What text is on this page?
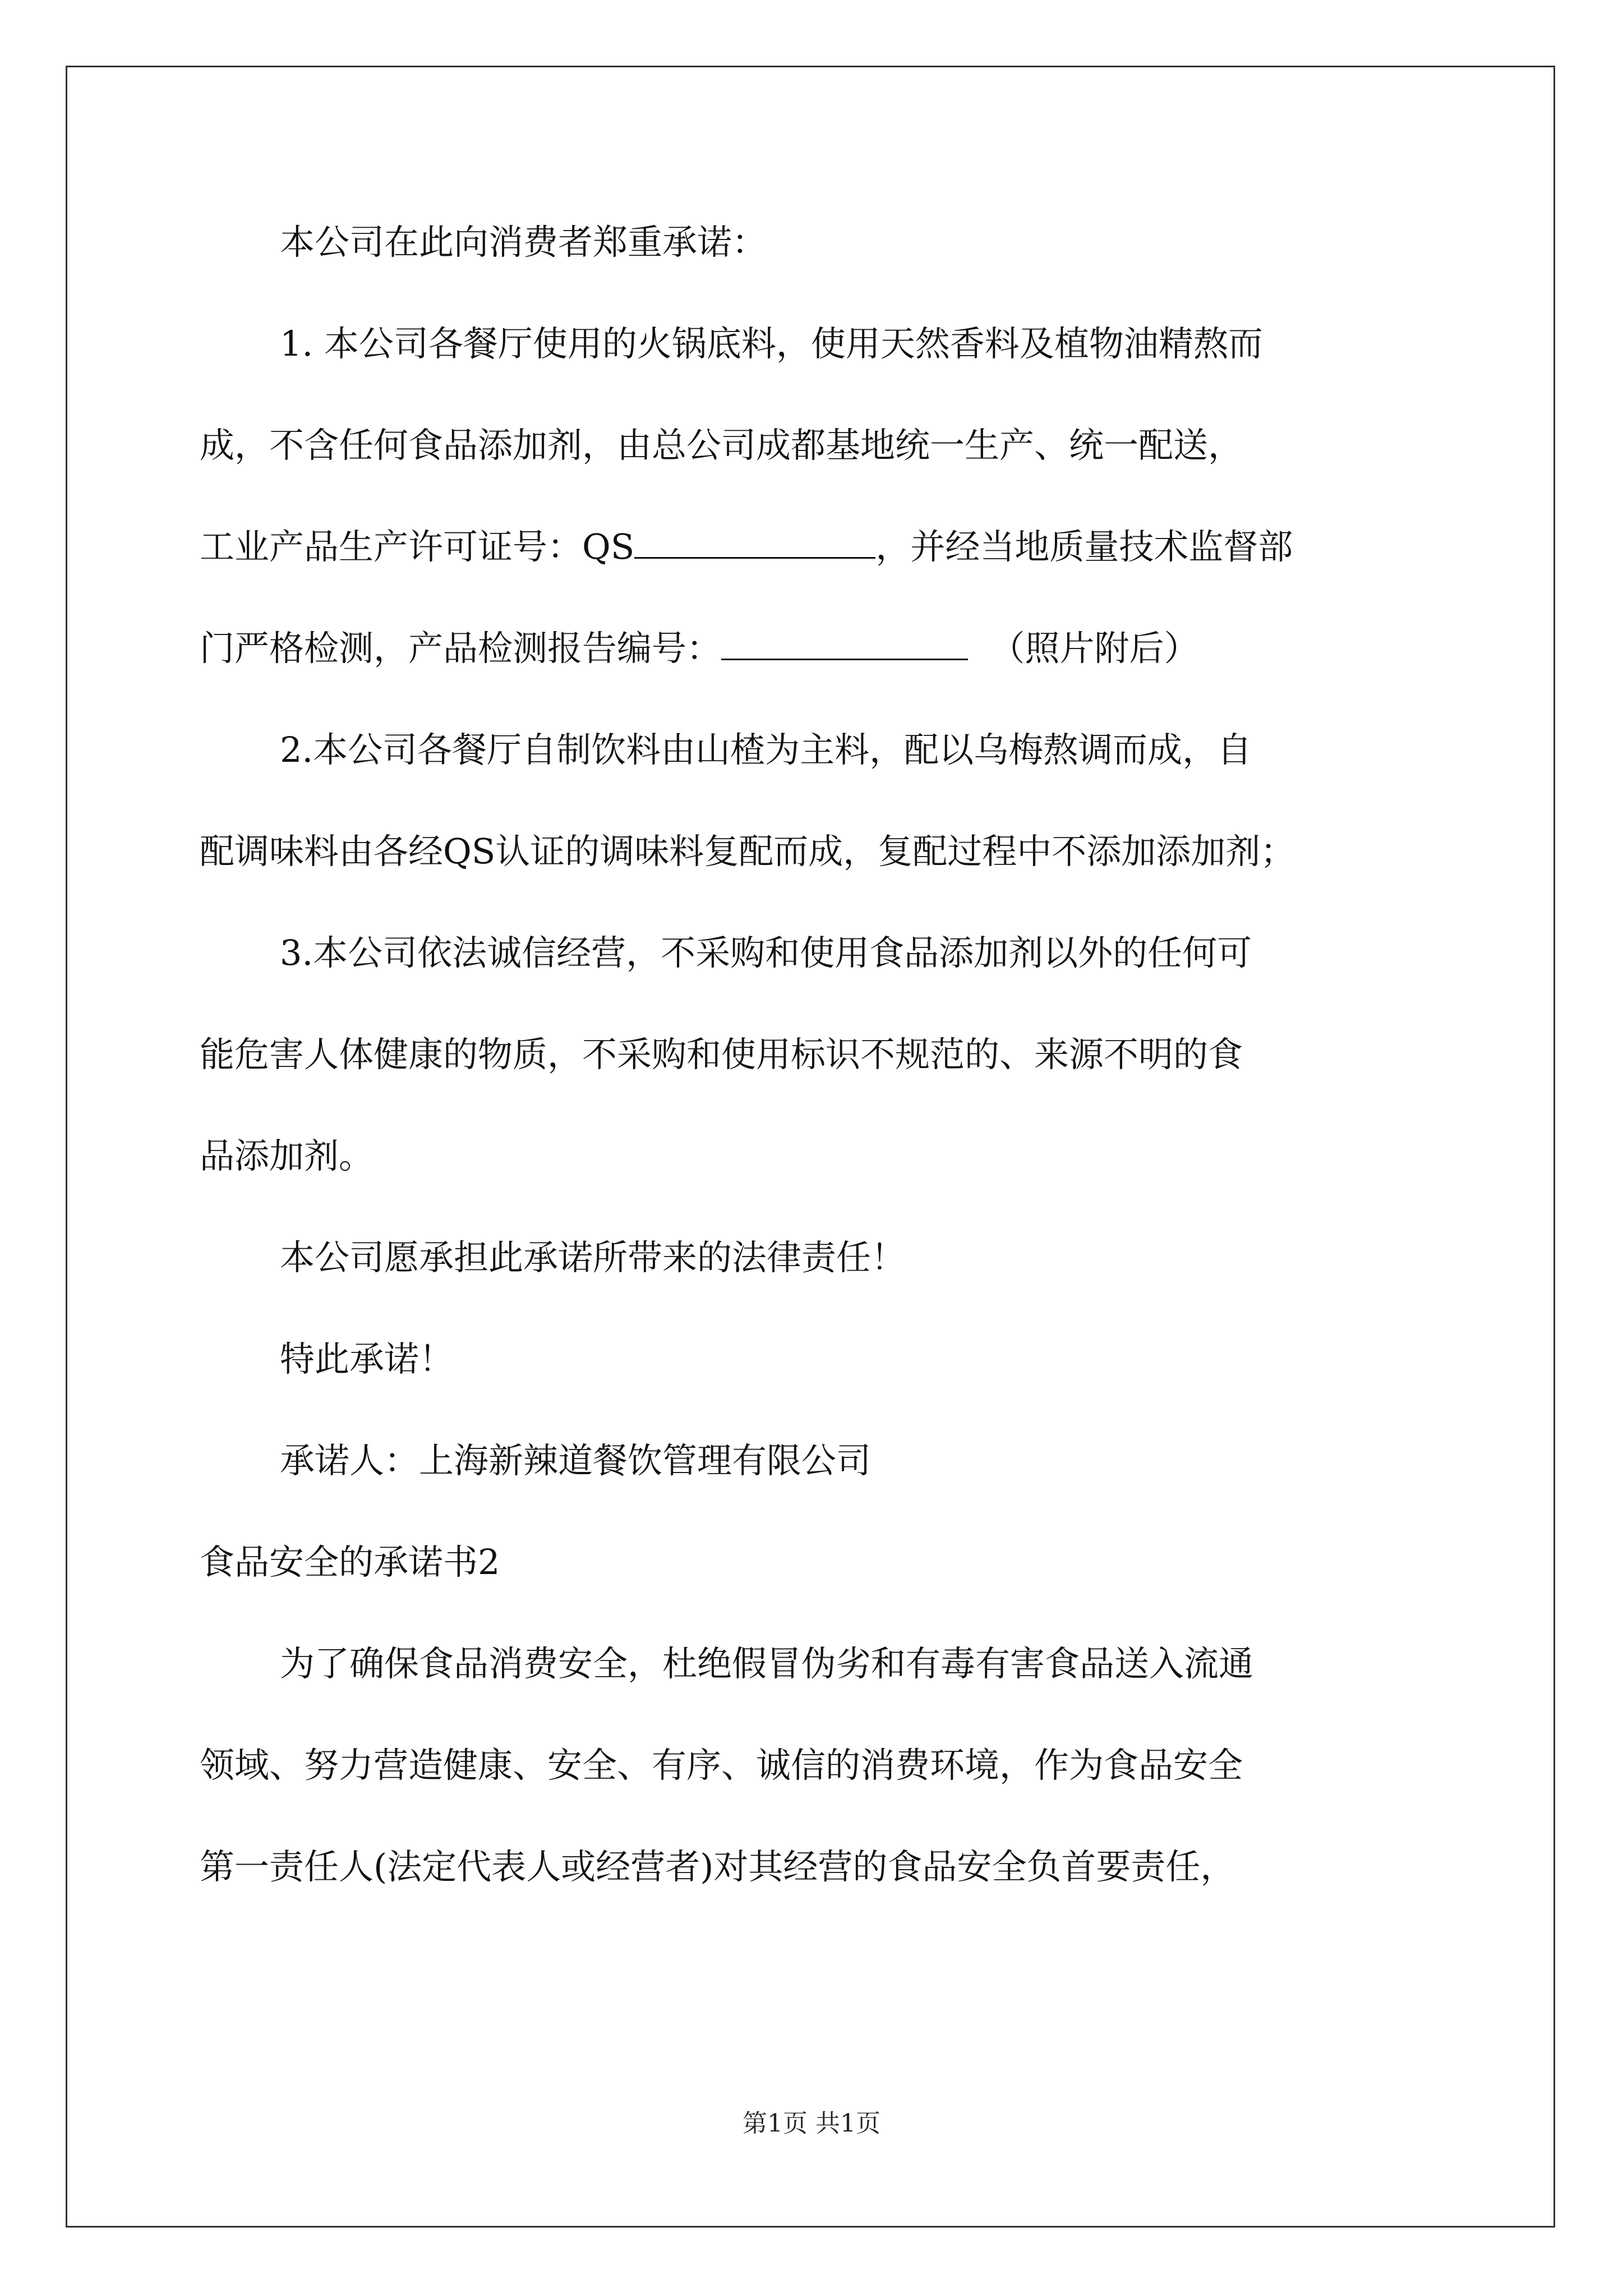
本公司在此向消费者郑重承诺：

1. 本公司各餐厅使用的火锅底料，使用天然香料及植物油精熬而
成，不含任何食品添加剂，由总公司成都基地统一生产、统一配送，
工业产品生产许可证号：QS	，并经当地质量技术监督部
门严格检测，产品检测报告编号：	（照片附后）

2.本公司各餐厅自制饮料由山楂为主料，配以乌梅熬调而成，自
配调味料由各经QS认证的调味料复配而成，复配过程中不添加添加剂；

3.本公司依法诚信经营，不采购和使用食品添加剂以外的任何可
能危害人体健康的物质，不采购和使用标识不规范的、来源不明的食
品添加剂。

本公司愿承担此承诺所带来的法律责任！

特此承诺！

承诺人：上海新辣道餐饮管理有限公司

食品安全的承诺书2

为了确保食品消费安全，杜绝假冒伪劣和有毒有害食品送入流通
领域、努力营造健康、安全、有序、诚信的消费环境，作为食品安全
第一责任人(法定代表人或经营者)对其经营的食品安全负首要责任，

第1页 共1页
